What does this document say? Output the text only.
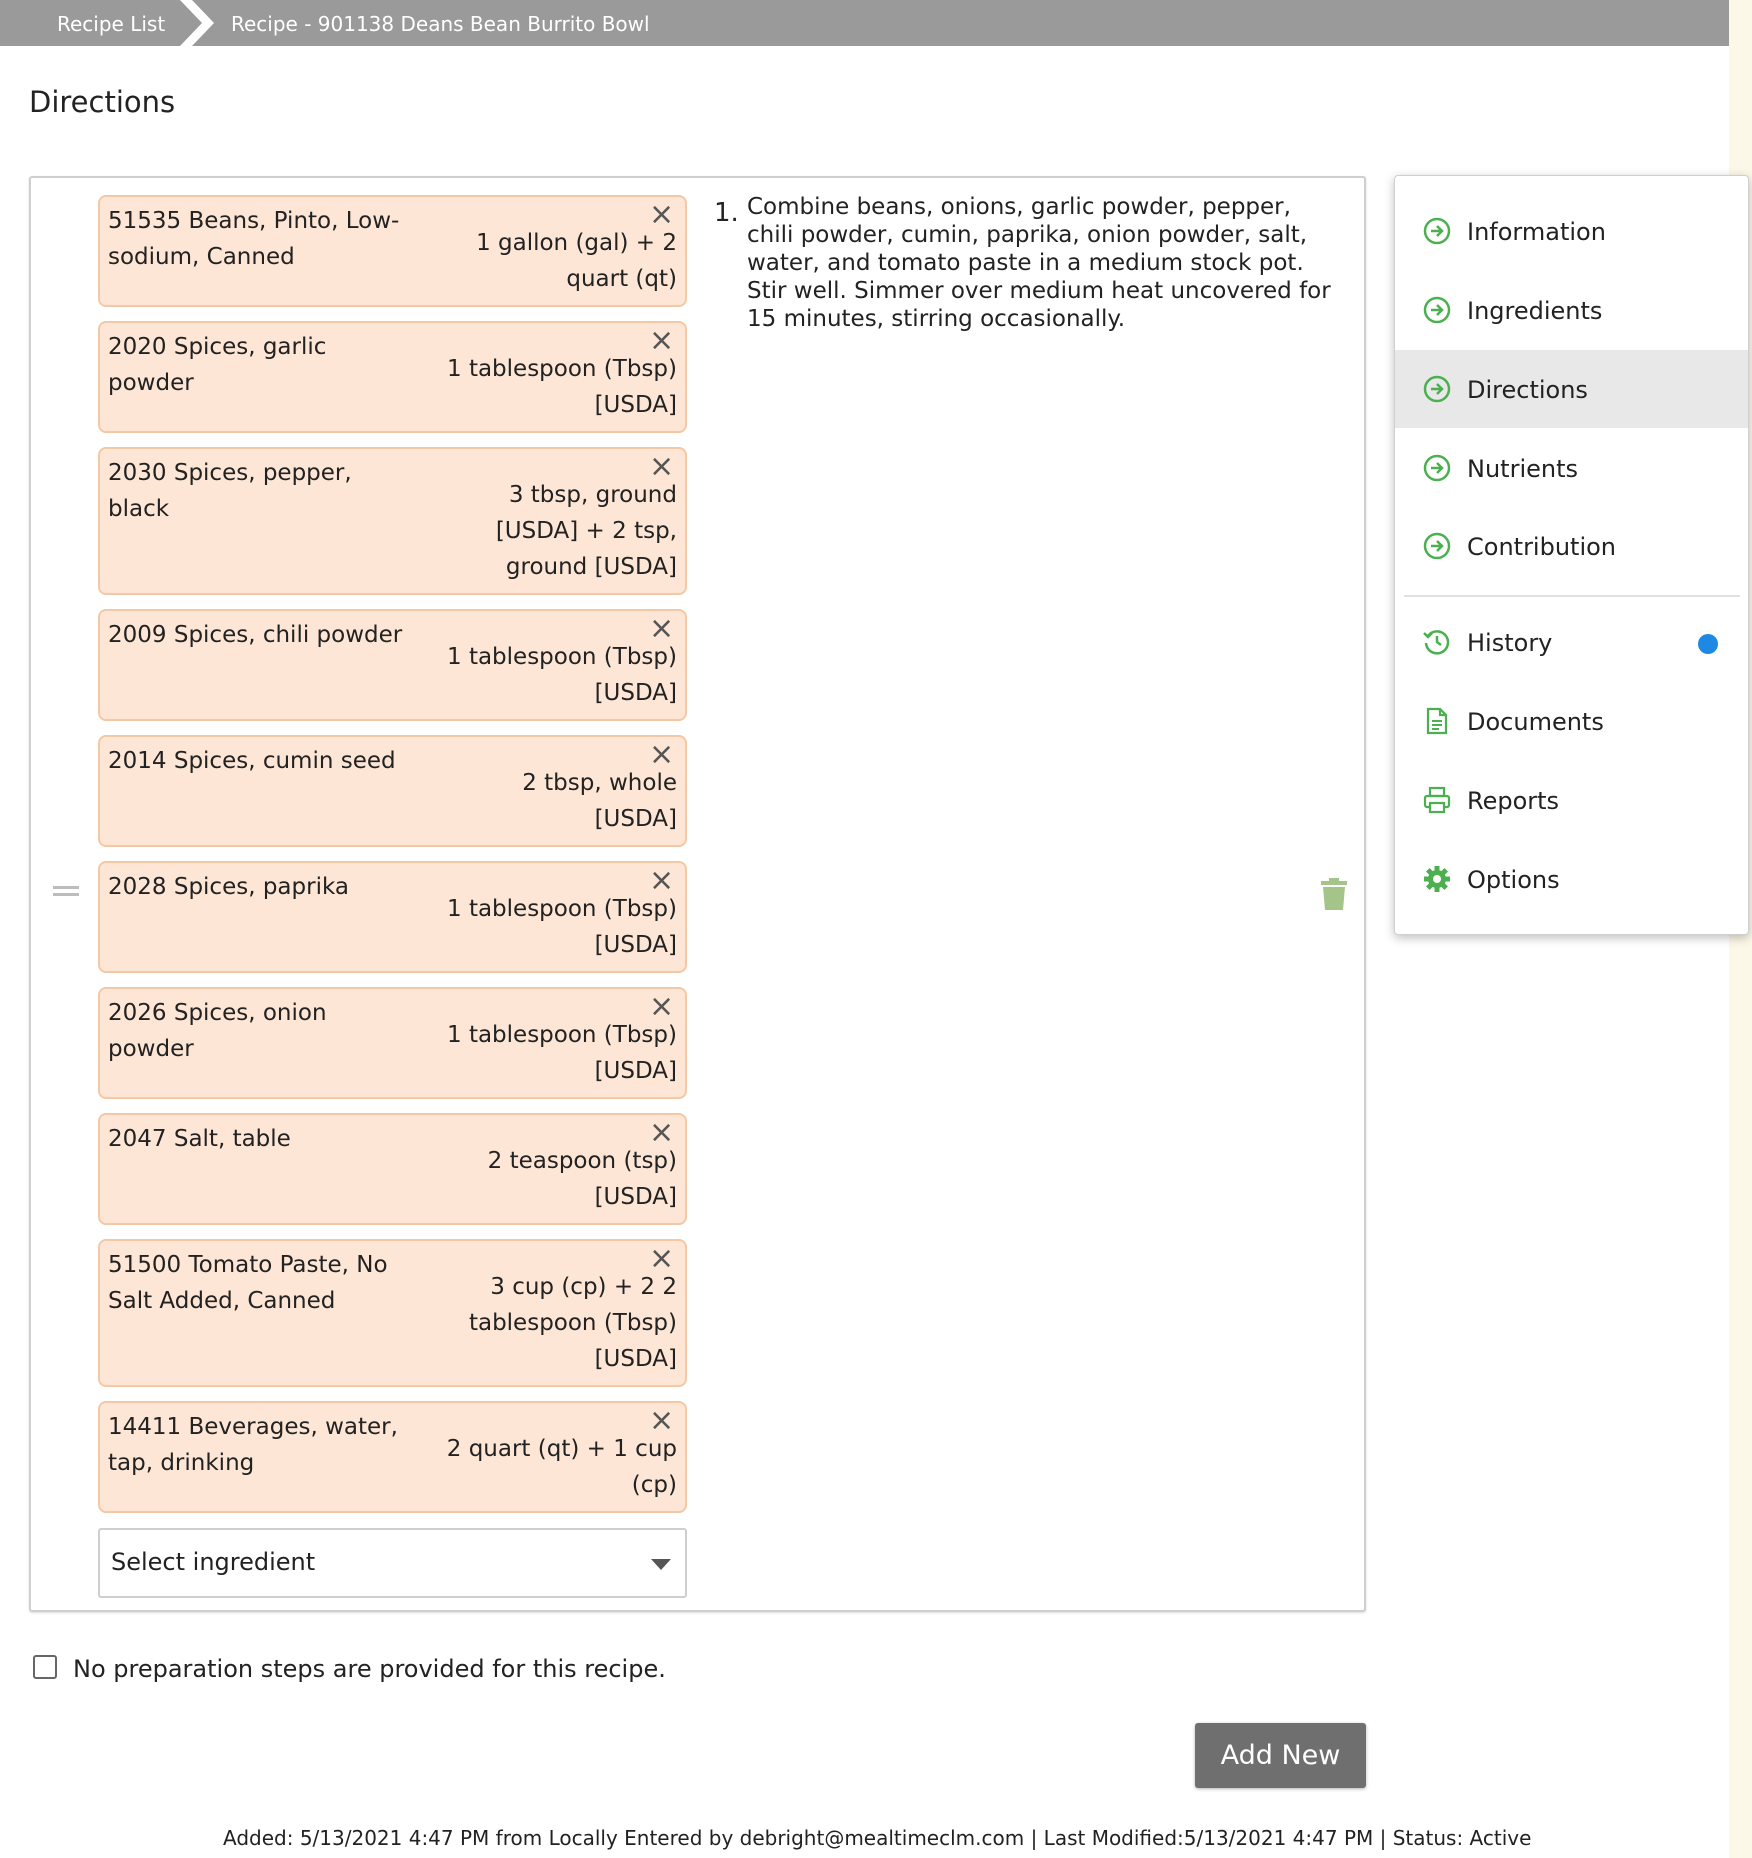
Recipe List	Recipe - 901138 Deans Bean Burrito Bowl
Directions
51535 Beans, Pinto, Low-sodium, Canned
1 gallon (gal) + 2 quart (qt)
×
2020 Spices, garlic powder
1 tablespoon (Tbsp) [USDA]
×
2030 Spices, pepper, black
3 tbsp, ground [USDA] + 2 tsp, ground [USDA]
×
2009 Spices, chili powder
1 tablespoon (Tbsp) [USDA]
×
2014 Spices, cumin seed
2 tbsp, whole [USDA]
×
2028 Spices, paprika
1 tablespoon (Tbsp) [USDA]
×
2026 Spices, onion powder
1 tablespoon (Tbsp) [USDA]
×
2047 Salt, table
2 teaspoon (tsp) [USDA]
×
51500 Tomato Paste, No Salt Added, Canned
3 cup (cp) + 2 2 tablespoon (Tbsp) [USDA]
×
14411 Beverages, water, tap, drinking
2 quart (qt) + 1 cup (cp)
×
Select ingredient
1. Combine beans, onions, garlic powder, pepper, chili powder, cumin, paprika, onion powder, salt, water, and tomato paste in a medium stock pot. Stir well. Simmer over medium heat uncovered for 15 minutes, stirring occasionally.
No preparation steps are provided for this recipe.
Add New
Added: 5/13/2021 4:47 PM from Locally Entered by debright@mealtimeclm.com | Last Modified:5/13/2021 4:47 PM | Status: Active
Information
Ingredients
Directions
Nutrients
Contribution
History
Documents
Reports
Options
